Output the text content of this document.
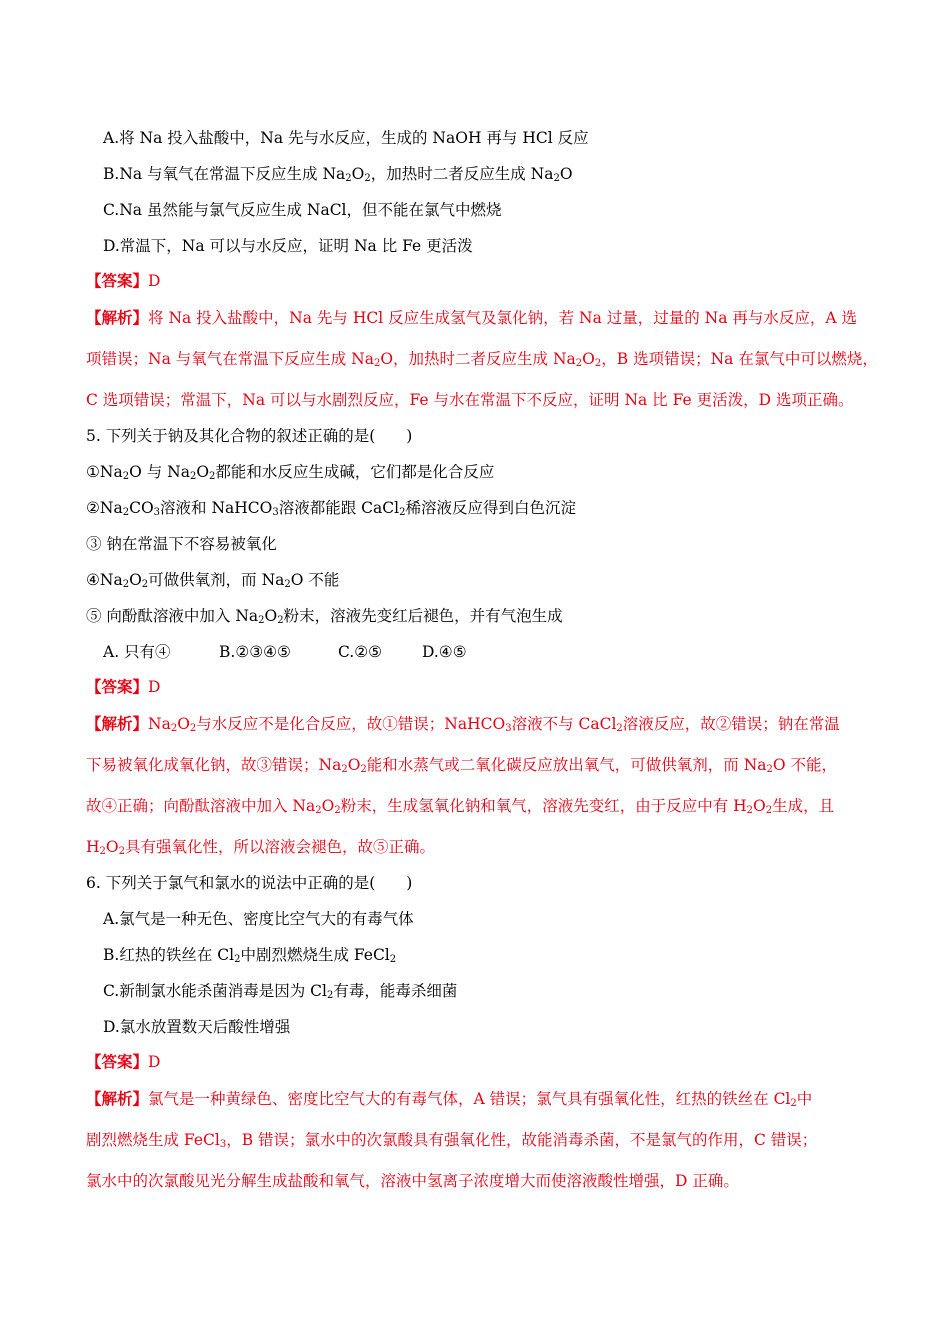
A.将 Na 投入盐酸中，Na 先与水反应，生成的 NaOH 再与 HCl 反应
B.Na 与氧气在常温下反应生成 $Na_2O_2$，加热时二者反应生成 $Na_2O$
C.Na 虽然能与氯气反应生成 NaCl，但不能在氯气中燃烧
D.常温下，Na 可以与水反应，证明 Na 比 Fe 更活泼
【答案】D
【解析】将 Na 投入盐酸中，Na 先与 HCl 反应生成氢气及氯化钠，若 Na 过量，过量的 Na 再与水反应，A 选
项错误；Na 与氧气在常温下反应生成 $Na_2O$，加热时二者反应生成 $Na_2O_2$，B 选项错误；Na 在氯气中可以燃烧，
C 选项错误；常温下，Na 可以与水剧烈反应，Fe 与水在常温下不反应，证明 Na 比 Fe 更活泼，D 选项正确。
5. 下列关于钠及其化合物的叙述正确的是(　　)
$①Na_2O$ 与 $Na_2O_2$都能和水反应生成碱，它们都是化合反应
$②Na_2CO_3$溶液和 NaHCO$_3$溶液都能跟 CaCl$_2$稀溶液反应得到白色沉淀
③ 钠在常温下不容易被氧化
$④Na_2O_2$可做供氧剂，而 $Na_2O$ 不能
⑤ 向酚酞溶液中加入 $Na_2O_2$粉末，溶液先变红后褪色，并有气泡生成
A. 只有④	B.②③④⑤	C.②⑤	D.④⑤
【答案】D
【解析】$Na_2O_2$与水反应不是化合反应，故①错误；NaHCO$_3$溶液不与 CaCl$_2$溶液反应，故②错误；钠在常温
下易被氧化成氧化钠，故③错误；$Na_2O_2$能和水蒸气或二氧化碳反应放出氧气，可做供氧剂，而 $Na_2O$ 不能，
故④正确；向酚酞溶液中加入 $Na_2O_2$粉末，生成氢氧化钠和氧气，溶液先变红，由于反应中有 $H_2O_2$生成，且
$H_2O_2$具有强氧化性，所以溶液会褪色，故⑤正确。
6. 下列关于氯气和氯水的说法中正确的是(　　)
A.氯气是一种无色、密度比空气大的有毒气体
B.红热的铁丝在 $Cl_2$中剧烈燃烧生成 FeCl$_2$
C.新制氯水能杀菌消毒是因为 $Cl_2$有毒，能毒杀细菌
D.氯水放置数天后酸性增强
【答案】D
【解析】氯气是一种黄绿色、密度比空气大的有毒气体，A 错误；氯气具有强氧化性，红热的铁丝在 $Cl_2$中
剧烈燃烧生成 FeCl$_3$，B 错误；氯水中的次氯酸具有强氧化性，故能消毒杀菌，不是氯气的作用，C 错误；
氯水中的次氯酸见光分解生成盐酸和氧气，溶液中氢离子浓度增大而使溶液酸性增强，D 正确。
